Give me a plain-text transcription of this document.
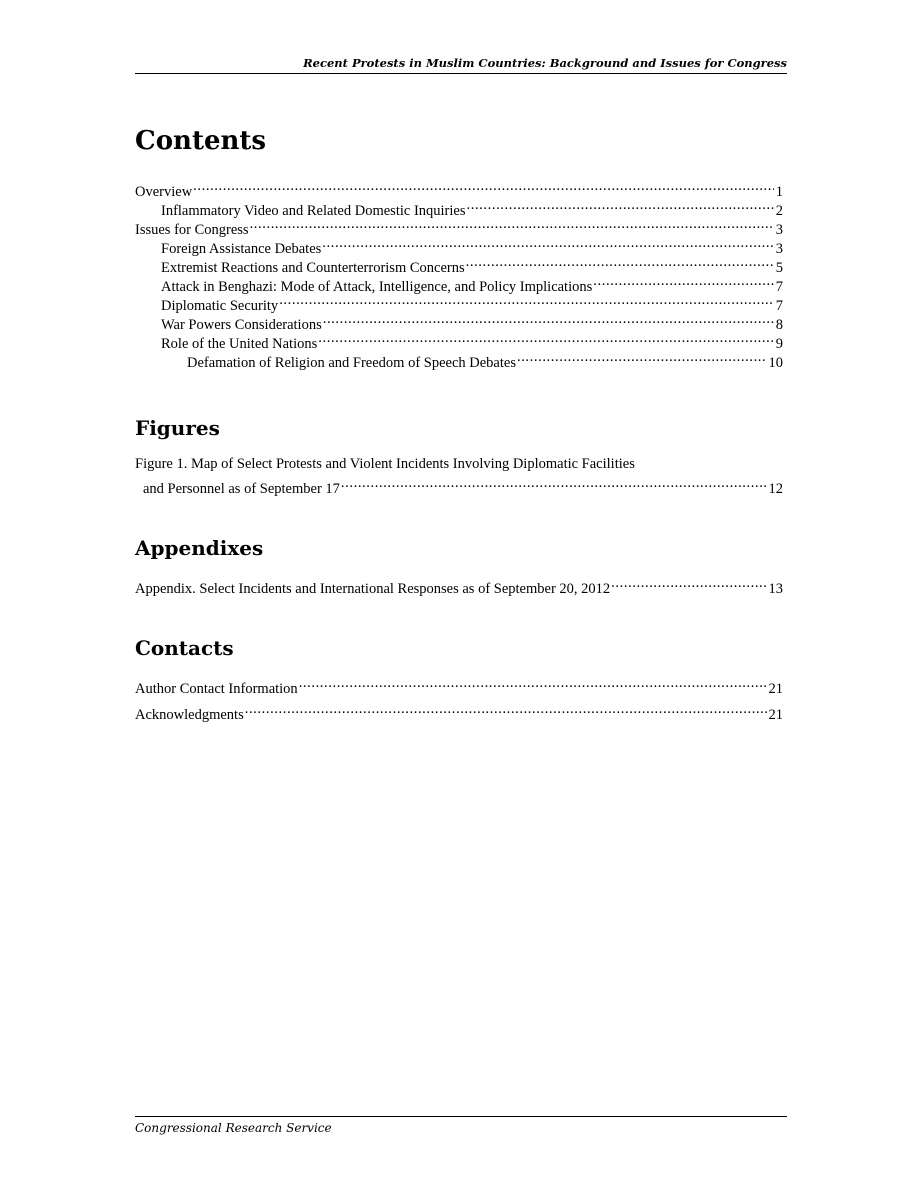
Recent Protests in Muslim Countries: Background and Issues for Congress
Contents
Overview .....	1
Inflammatory Video and Related Domestic Inquiries .....	2
Issues for Congress .....	3
Foreign Assistance Debates .....	3
Extremist Reactions and Counterterrorism Concerns .....	5
Attack in Benghazi: Mode of Attack, Intelligence, and Policy Implications .....	7
Diplomatic Security .....	7
War Powers Considerations .....	8
Role of the United Nations .....	9
Defamation of Religion and Freedom of Speech Debates .....	10
Figures
Figure 1. Map of Select Protests and Violent Incidents Involving Diplomatic Facilities
and Personnel as of September 17 .....	12
Appendixes
Appendix. Select Incidents and International Responses as of September 20, 2012 .....	13
Contacts
Author Contact Information .....	21
Acknowledgments .....	21
Congressional Research Service
